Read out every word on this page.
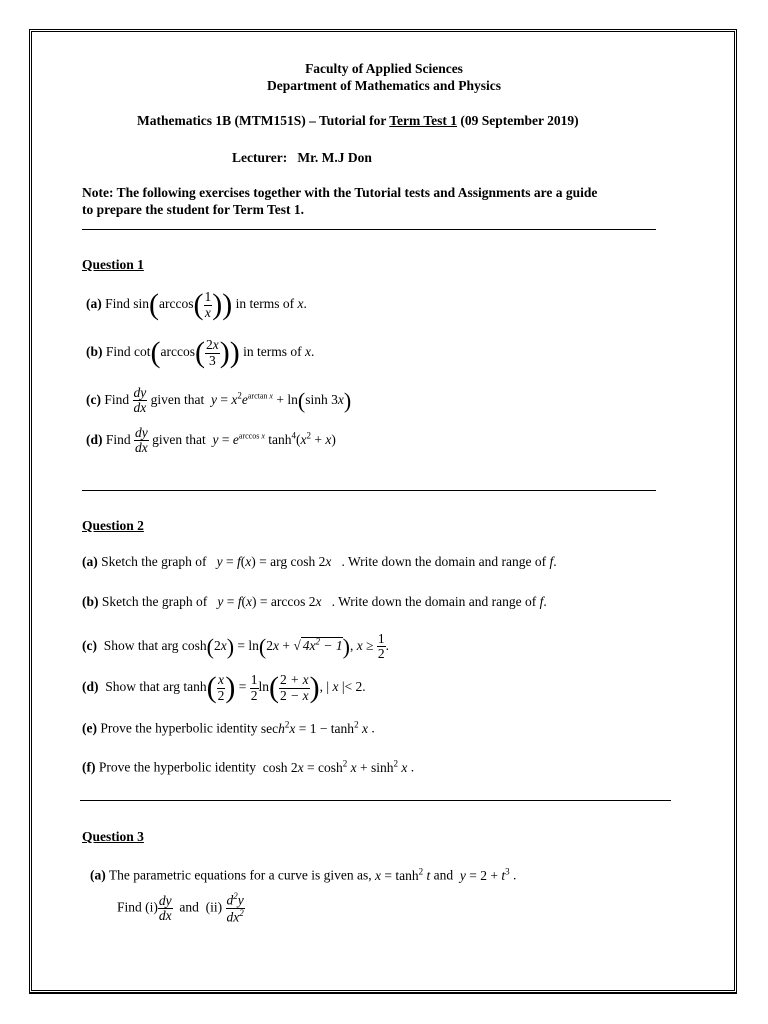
Faculty of Applied Sciences
Department of Mathematics and Physics
Mathematics 1B (MTM151S) – Tutorial for Term Test 1 (09 September 2019)
Lecturer: Mr. M.J Don
Note: The following exercises together with the Tutorial tests and Assignments are a guide
to prepare the student for Term Test 1.
Question 1
(a) Find $\sin(\arccos( \frac{1}{x}$ )) in terms of x.
(b) Find $\cot(\arccos( \frac{2x}{3}$ )) in terms of x.
(c) Find $\frac{dy}{dx}$ given that $y = x^2e^{arctan x} + \ln(\sinh$ 3x)
(d) Find $\frac{dy}{dx}$ given that $y = e^{arccos x}$ $\tanh^4(x^2 + x)$
Question 2
(a) Sketch the graph of y = f(x) = arg cosh 2x . Write down the domain and range of f.
(b) Sketch the graph of y = f(x) = arccos 2x . Write down the domain and range of f.
(c) Show that arg cosh(2x) = ln(2x + √ $4x^2 - 1$), $x \ge \frac{1}{2}$ .
(d) Show that arg $\tanh( \frac{x}{2}$ ) = $\frac{1}{2} \ln( \frac{2 + x}{2 - x}$ ), | x |< 2.
(e) Prove the hyperbolic identity $\sec h^2x = 1 - \tanh^2 x$ .
(f) Prove the hyperbolic identity $\cosh 2x = \cosh^2 x + \sinh^2 x$ .
Question 3
(a) The parametric equations for a curve is given as, $x = \tanh^2 t$ and $y = 2 + t^3$ .
Find $(i) \frac{dy}{dx}$ and $(ii) \frac{d^2y}{dx^2}$
